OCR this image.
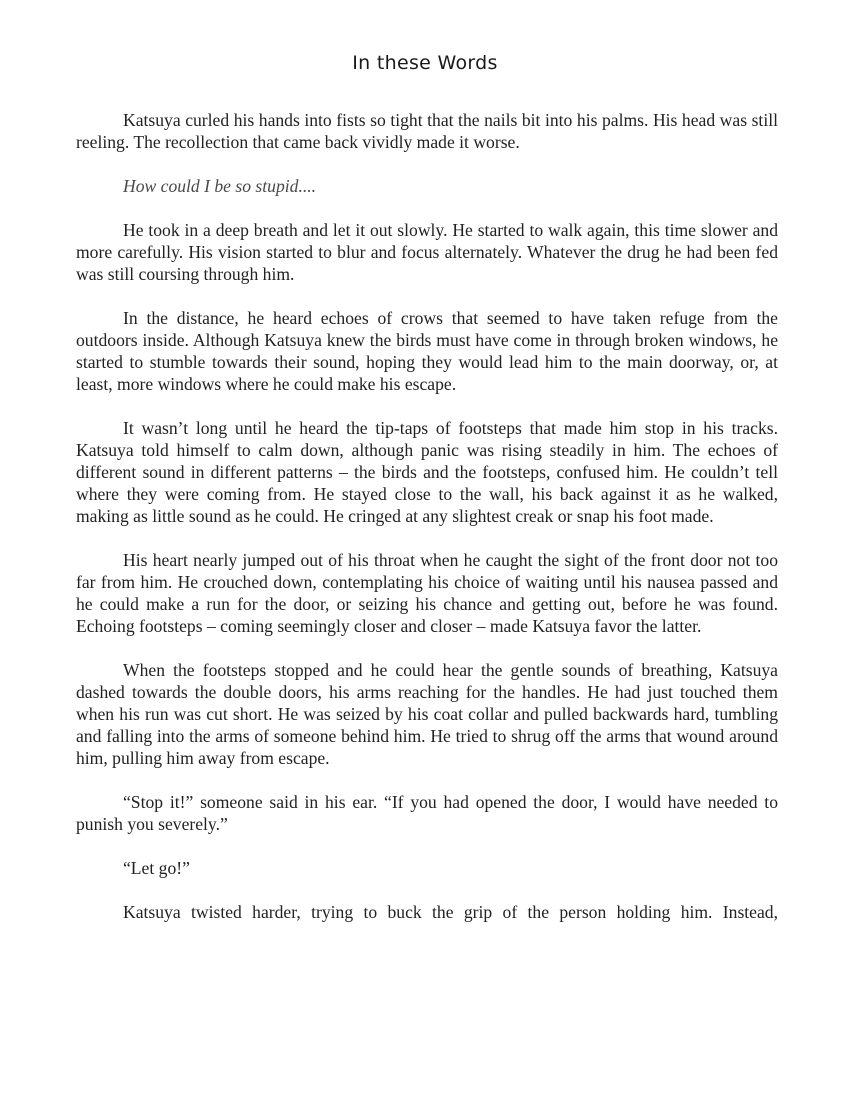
In these Words

Katsuya curled his hands into fists so tight that the nails bit into his palms. His head was still reeling. The recollection that came back vividly made it worse.

How could I be so stupid....

He took in a deep breath and let it out slowly. He started to walk again, this time slower and more carefully. His vision started to blur and focus alternately. Whatever the drug he had been fed was still coursing through him.

In the distance, he heard echoes of crows that seemed to have taken refuge from the outdoors inside. Although Katsuya knew the birds must have come in through broken windows, he started to stumble towards their sound, hoping they would lead him to the main doorway, or, at least, more windows where he could make his escape.

It wasn’t long until he heard the tip-taps of footsteps that made him stop in his tracks. Katsuya told himself to calm down, although panic was rising steadily in him. The echoes of different sound in different patterns – the birds and the footsteps, confused him. He couldn’t tell where they were coming from. He stayed close to the wall, his back against it as he walked, making as little sound as he could. He cringed at any slightest creak or snap his foot made.

His heart nearly jumped out of his throat when he caught the sight of the front door not too far from him. He crouched down, contemplating his choice of waiting until his nausea passed and he could make a run for the door, or seizing his chance and getting out, before he was found. Echoing footsteps – coming seemingly closer and closer – made Katsuya favor the latter.

When the footsteps stopped and he could hear the gentle sounds of breathing, Katsuya dashed towards the double doors, his arms reaching for the handles. He had just touched them when his run was cut short. He was seized by his coat collar and pulled backwards hard, tumbling and falling into the arms of someone behind him. He tried to shrug off the arms that wound around him, pulling him away from escape.

“Stop it!” someone said in his ear. “If you had opened the door, I would have needed to punish you severely.”

“Let go!”

Katsuya twisted harder, trying to buck the grip of the person holding him. Instead,
